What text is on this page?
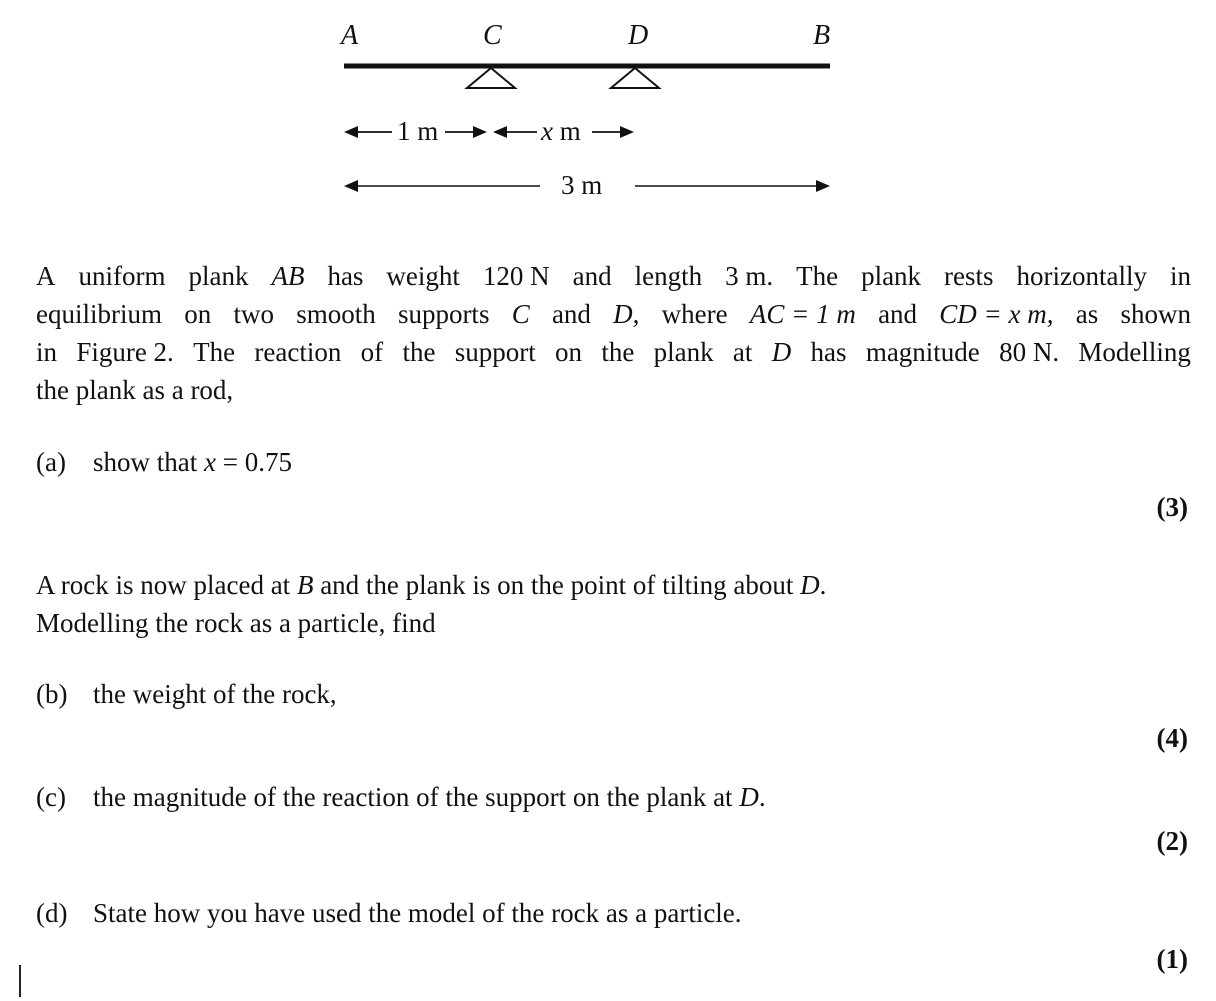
A	C	D	B
1 m	x m
3 m
A uniform plank AB has weight 120 N and length 3 m. The plank rests horizontally in
equilibrium on two smooth supports C and D, where AC = 1 m and CD = x m, as shown
in Figure 2. The reaction of the support on the plank at D has magnitude 80 N. Modelling
the plank as a rod,
(a) show that x = 0.75
(3)
A rock is now placed at B and the plank is on the point of tilting about D.
Modelling the rock as a particle, find
(b) the weight of the rock,
(4)
(c) the magnitude of the reaction of the support on the plank at D.
(2)
(d) State how you have used the model of the rock as a particle.
(1)
